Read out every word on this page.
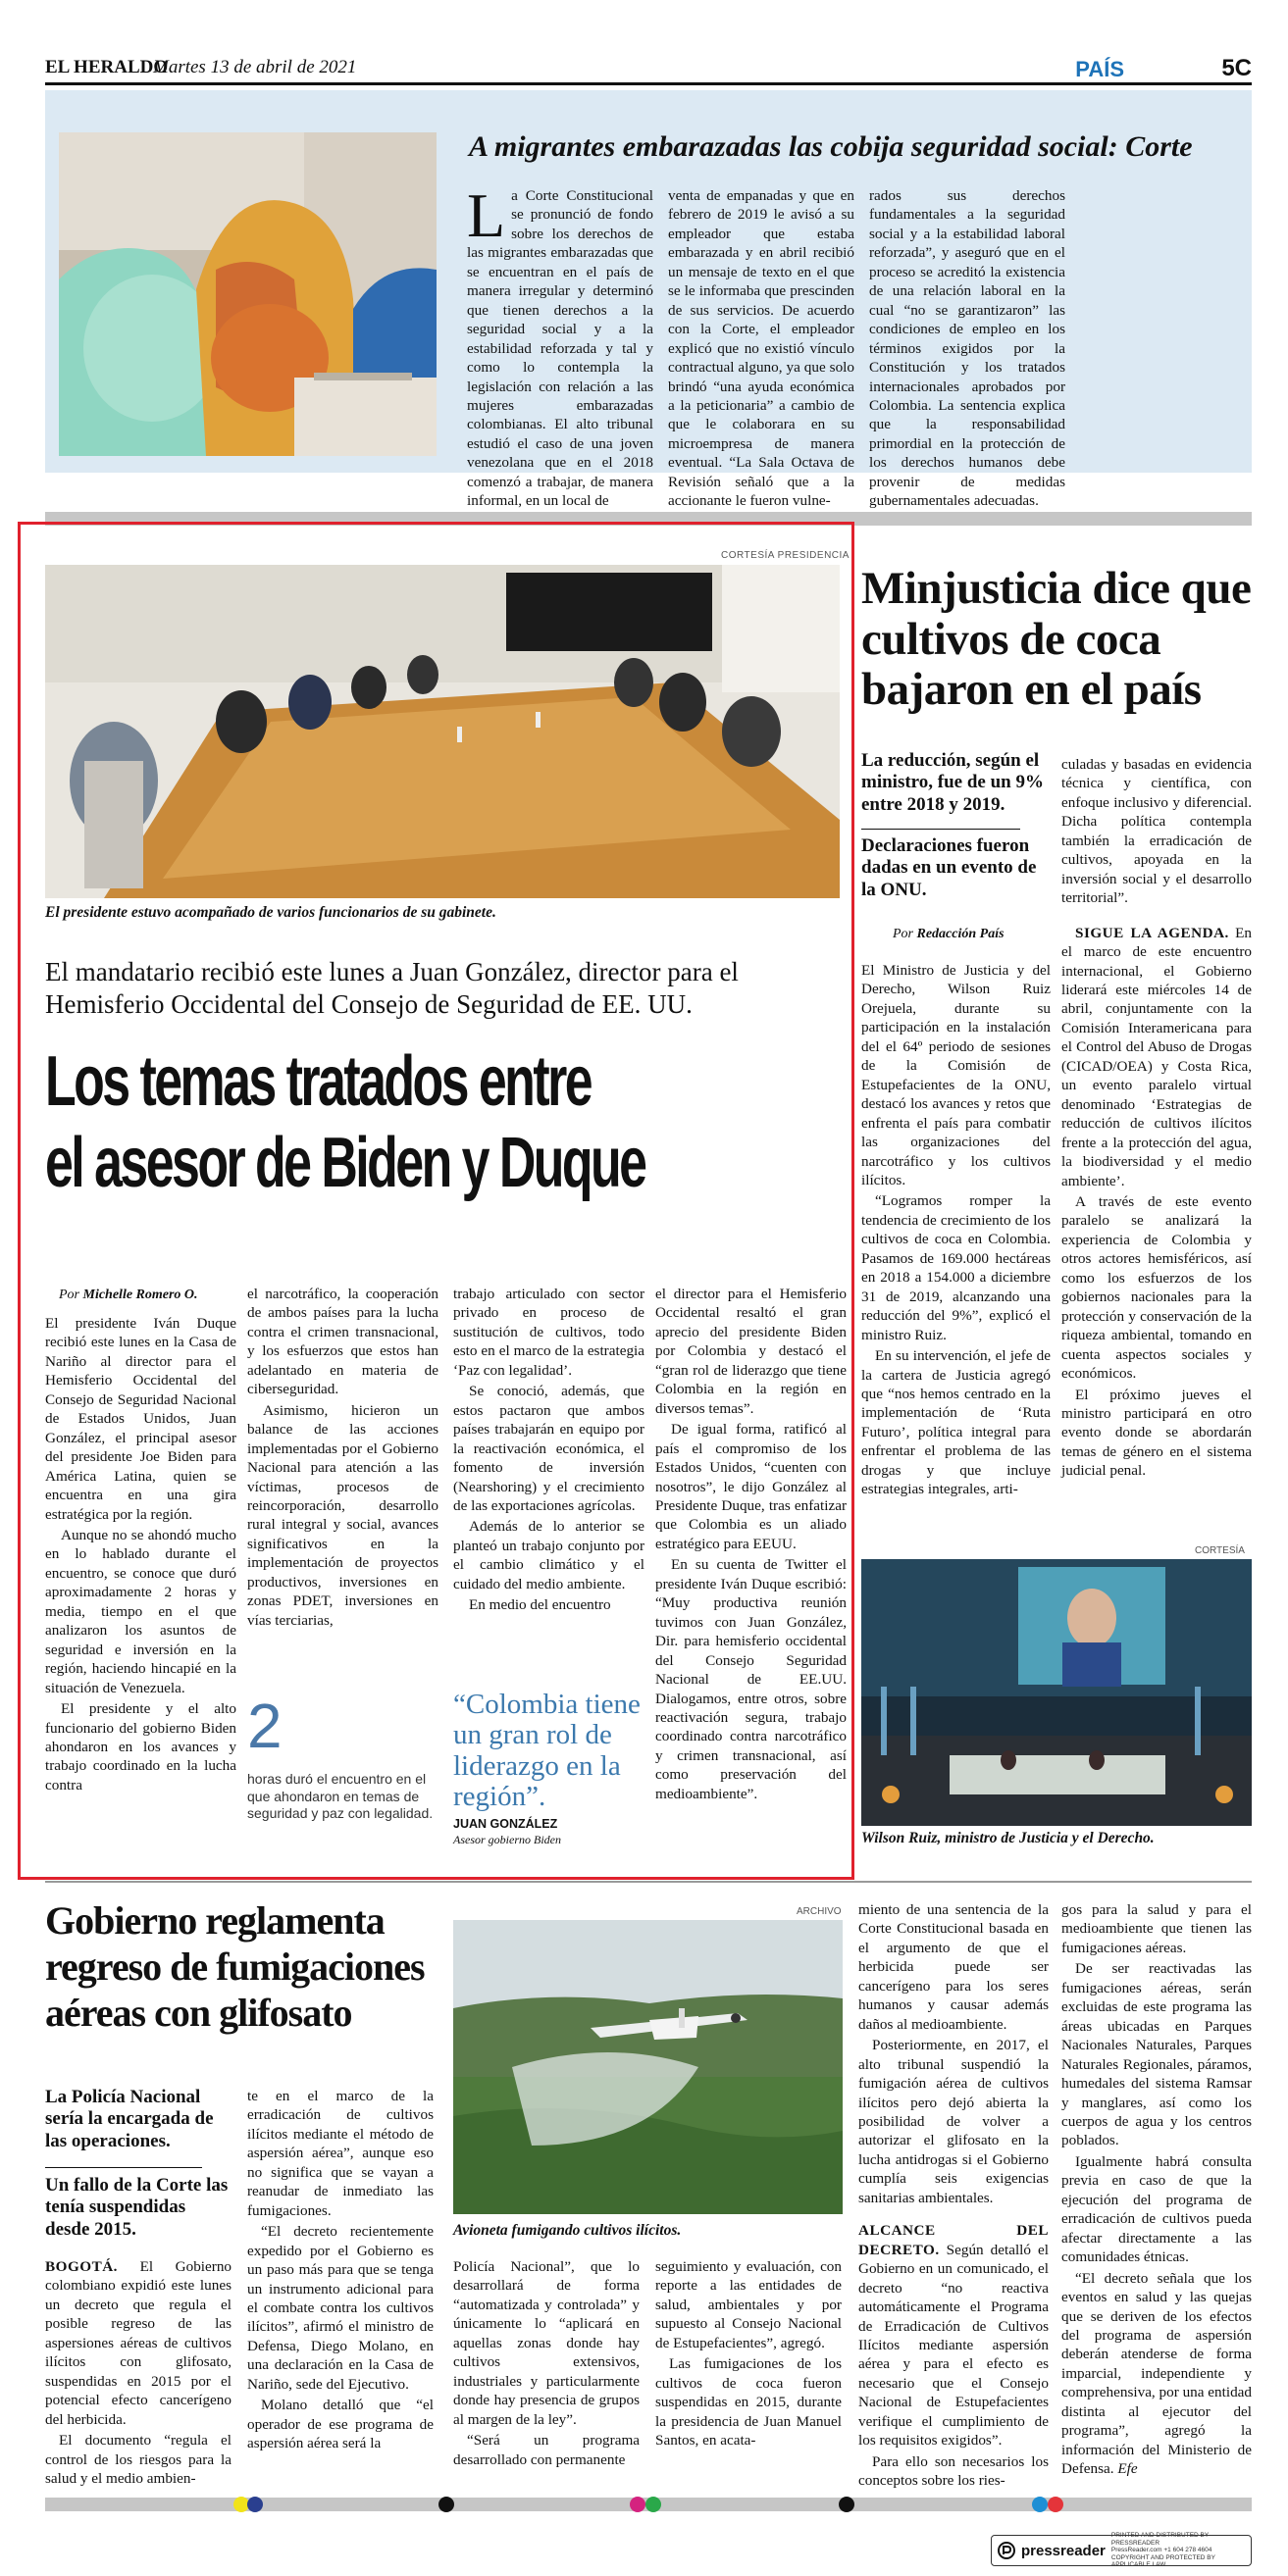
EL HERALDO
Martes 13 de abril de 2021	PAÍS	5C
A migrantes embarazadas las cobija seguridad social: Corte
La Corte Constitucional se pronunció de fondo sobre los derechos de las migrantes embarazadas que se encuentran en el país de manera irregular y determinó que tienen derechos a la seguridad social y a la estabilidad reforzada y tal y como lo contempla la legislación con relación a las mujeres embarazadas colombianas. El alto tribunal estudió el caso de una joven venezolana que en el 2018 comenzó a trabajar, de manera informal, en un local de
venta de empanadas y que en febrero de 2019 le avisó a su empleador que estaba embarazada y en abril recibió un mensaje de texto en el que se le informaba que prescinden de sus servicios. De acuerdo con la Corte, el empleador explicó que no existió vínculo contractual alguno, ya que solo brindó “una ayuda económica a la peticionaria” a cambio de que le colaborara en su microempresa de manera eventual. “La Sala Octava de Revisión señaló que a la accionante le fueron vulne-
rados sus derechos fundamentales a la seguridad social y a la estabilidad laboral reforzada”, y aseguró que en el proceso se acreditó la existencia de una relación laboral en la cual “no se garantizaron” las condiciones de empleo en los términos exigidos por la Constitución y los tratados internacionales aprobados por Colombia. La sentencia explica que la responsabilidad primordial en la protección de los derechos humanos debe provenir de medidas gubernamentales adecuadas.
CORTESÍA PRESIDENCIA
El presidente estuvo acompañado de varios funcionarios de su gabinete.
El mandatario recibió este lunes a Juan González, director para el Hemisferio Occidental del Consejo de Seguridad de EE. UU.
Los temas tratados entre
el asesor de Biden y Duque
Por Michelle Romero O.

El presidente Iván Duque recibió este lunes en la Casa de Nariño al director para el Hemisferio Occidental del Consejo de Seguridad Nacional de Estados Unidos, Juan González, el principal asesor del presidente Joe Biden para América Latina, quien se encuentra en una gira estratégica por la región.

Aunque no se ahondó mucho en lo hablado durante el encuentro, se conoce que duró aproximadamente 2 horas y media, tiempo en el que analizaron los asuntos de seguridad e inversión en la región, haciendo hincapié en la situación de Venezuela.

El presidente y el alto funcionario del gobierno Biden ahondaron en los avances y trabajo coordinado en la lucha contra

el narcotráfico, la cooperación de ambos países para la lucha contra el crimen transnacional, y los esfuerzos que estos han adelantado en materia de ciberseguridad.

Asimismo, hicieron un balance de las acciones implementadas por el Gobierno Nacional para atención a las víctimas, procesos de reincorporación, desarrollo rural integral y social, avances significativos en la implementación de proyectos productivos, inversiones en zonas PDET, inversiones en vías terciarias,

trabajo articulado con sector privado en proceso de sustitución de cultivos, todo esto en el marco de la estrategia ‘Paz con legalidad’.

Se conoció, además, que estos pactaron que ambos países trabajarán en equipo por la reactivación económica, el fomento de inversión (Nearshoring) y el crecimiento de las exportaciones agrícolas.

Además de lo anterior se planteó un trabajo conjunto por el cambio climático y el cuidado del medio ambiente.

En medio del encuentro

el director para el Hemisferio Occidental resaltó el gran aprecio del presidente Biden por Colombia y destacó el “gran rol de liderazgo que tiene Colombia en la región en diversos temas”.

De igual forma, ratificó al país el compromiso de los Estados Unidos, “cuenten con nosotros”, le dijo González al Presidente Duque, tras enfatizar que Colombia es un aliado estratégico para EEUU.

En su cuenta de Twitter el presidente Iván Duque escribió: “Muy productiva reunión tuvimos con Juan González, Dir. para hemisferio occidental del Consejo Seguridad Nacional de EE.UU. Dialogamos, entre otros, sobre reactivación segura, trabajo coordinado contra narcotráfico y crimen transnacional, así como preservación del medioambiente”.

2
horas duró el encuentro en el que ahondaron en temas de seguridad y paz con legalidad.
“Colombia tiene un gran rol de liderazgo en la región”.
JUAN GONZÁLEZ
Asesor gobierno Biden
Minjusticia dice que cultivos de coca bajaron en el país
La reducción, según el ministro, fue de un 9% entre 2018 y 2019.
Declaraciones fueron dadas en un evento de la ONU.
Por Redacción País

El Ministro de Justicia y del Derecho, Wilson Ruiz Orejuela, durante su participación en la instalación del el 64º periodo de sesiones de la Comisión de Estupefacientes de la ONU, destacó los avances y retos que enfrenta el país para combatir las organizaciones del narcotráfico y los cultivos ilícitos.

“Logramos romper la tendencia de crecimiento de los cultivos de coca en Colombia. Pasamos de 169.000 hectáreas en 2018 a 154.000 a diciembre 31 de 2019, alcanzando una reducción del 9%”, explicó el ministro Ruiz.

En su intervención, el jefe de la cartera de Justicia agregó que “nos hemos centrado en la implementación de ‘Ruta Futuro’, política integral para enfrentar el problema de las drogas y que incluye estrategias integrales, arti-

culadas y basadas en evidencia técnica y científica, con enfoque inclusivo y diferencial. Dicha política contempla también la erradicación de cultivos, apoyada en la inversión social y el desarrollo territorial”.

SIGUE LA AGENDA. En el marco de este encuentro internacional, el Gobierno liderará este miércoles 14 de abril, conjuntamente con la Comisión Interamericana para el Control del Abuso de Drogas (CICAD/OEA) y Costa Rica, un evento paralelo virtual denominado ‘Estrategias de reducción de cultivos ilícitos frente a la protección del agua, la biodiversidad y el medio ambiente’.

A través de este evento paralelo se analizará la experiencia de Colombia y otros actores hemisféricos, así como los esfuerzos de los gobiernos nacionales para la protección y conservación de la riqueza ambiental, tomando en cuenta aspectos sociales y económicos.

El próximo jueves el ministro participará en otro evento donde se abordarán temas de género en el sistema judicial penal.

CORTESÍA
Wilson Ruiz, ministro de Justicia y el Derecho.
Gobierno reglamenta regreso de fumigaciones aéreas con glifosato
La Policía Nacional sería la encargada de las operaciones.
Un fallo de la Corte las tenía suspendidas desde 2015.

BOGOTÁ. El Gobierno colombiano expidió este lunes un decreto que regula el posible regreso de las aspersiones aéreas de cultivos ilícitos con glifosato, suspendidas en 2015 por el potencial efecto cancerígeno del herbicida.

El documento “regula el control de los riesgos para la salud y el medio ambien-

te en el marco de la erradicación de cultivos ilícitos mediante el método de aspersión aérea”, aunque eso no significa que se vayan a reanudar de inmediato las fumigaciones.

“El decreto recientemente expedido por el Gobierno es un paso más para que se tenga un instrumento adicional para el combate contra los cultivos ilícitos”, afirmó el ministro de Defensa, Diego Molano, en una declaración en la Casa de Nariño, sede del Ejecutivo.

Molano detalló que “el operador de ese programa de aspersión aérea será la

ARCHIVO
Avioneta fumigando cultivos ilícitos.

Policía Nacional”, que lo desarrollará de forma “automatizada y controlada” y únicamente lo “aplicará en aquellas zonas donde hay cultivos extensivos, industriales y particularmente donde hay presencia de grupos al margen de la ley”.

“Será un programa desarrollado con permanente

seguimiento y evaluación, con reporte a las entidades de salud, ambientales y por supuesto al Consejo Nacional de Estupefacientes”, agregó.

Las fumigaciones de los cultivos de coca fueron suspendidas en 2015, durante la presidencia de Juan Manuel Santos, en acata-

miento de una sentencia de la Corte Constitucional basada en el argumento de que el herbicida puede ser cancerígeno para los seres humanos y causar además daños al medioambiente.

Posteriormente, en 2017, el alto tribunal suspendió la fumigación aérea de cultivos ilícitos pero dejó abierta la posibilidad de volver a autorizar el glifosato en la lucha antidrogas si el Gobierno cumplía seis exigencias sanitarias ambientales.

ALCANCE DEL DECRETO. Según detalló el Gobierno en un comunicado, el decreto “no reactiva automáticamente el Programa de Erradicación de Cultivos Ilícitos mediante aspersión aérea y para el efecto es necesario que el Consejo Nacional de Estupefacientes verifique el cumplimiento de los requisitos exigidos”.

Para ello son necesarios los conceptos sobre los ries-

gos para la salud y para el medioambiente que tienen las fumigaciones aéreas.

De ser reactivadas las fumigaciones aéreas, serán excluidas de este programa las áreas ubicadas en Parques Nacionales Naturales, Parques Naturales Regionales, páramos, humedales del sistema Ramsar y manglares, así como los cuerpos de agua y los centros poblados.

Igualmente habrá consulta previa en caso de que la ejecución del programa de erradicación de cultivos pueda afectar directamente a las comunidades étnicas.

“El decreto señala que los eventos en salud y las quejas que se deriven de los efectos del programa de aspersión deberán atenderse de forma imparcial, independiente y comprehensiva, por una entidad distinta al ejecutor del programa”, agregó la información del Ministerio de Defensa. Efe

pressreader
PRINTED AND DISTRIBUTED BY PRESSREADER
PressReader.com +1 604 278 4604
COPYRIGHT AND PROTECTED BY APPLICABLE LAW
